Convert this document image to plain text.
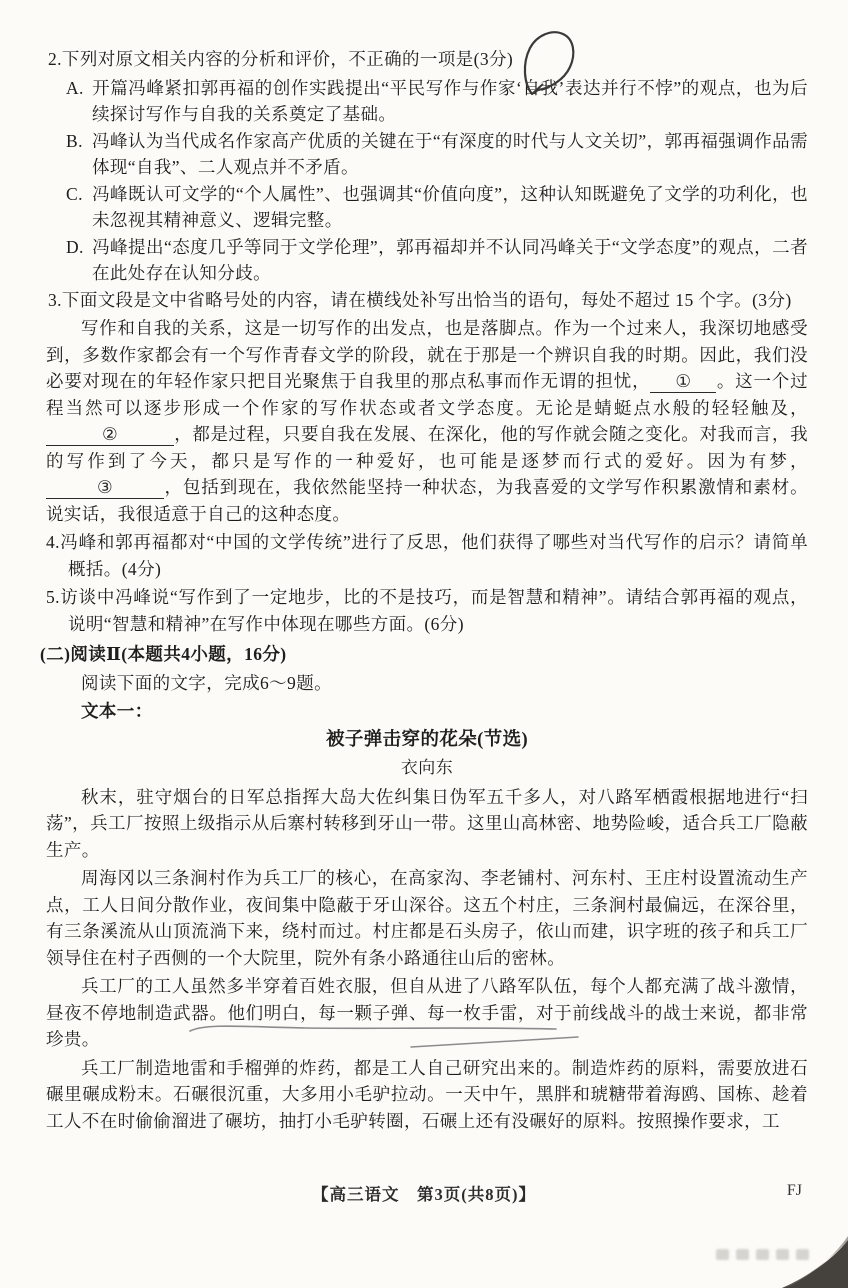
2.下列对原文相关内容的分析和评价，不正确的一项是(3分)

A. 开篇冯峰紧扣郭再福的创作实践提出“平民写作与作家‘自我’表达并行不悖”的观点，也为后续探讨写作与自我的关系奠定了基础。
B. 冯峰认为当代成名作家高产优质的关键在于“有深度的时代与人文关切”，郭再福强调作品需体现“自我”、二人观点并不矛盾。
C. 冯峰既认可文学的“个人属性”、也强调其“价值向度”，这种认知既避免了文学的功利化，也未忽视其精神意义、逻辑完整。
D. 冯峰提出“态度几乎等同于文学伦理”，郭再福却并不认同冯峰关于“文学态度”的观点，二者在此处存在认知分歧。

3.下面文段是文中省略号处的内容，请在横线处补写出恰当的语句，每处不超过 15 个字。(3分)

写作和自我的关系，这是一切写作的出发点，也是落脚点。作为一个过来人，我深切地感受到，多数作家都会有一个写作青春文学的阶段，就在于那是一个辨识自我的时期。因此，我们没必要对现在的年轻作家只把目光聚焦于自我里的那点私事而作无谓的担忧， ① 。这一个过程当然可以逐步形成一个作家的写作状态或者文学态度。无论是蜻蜓点水般的轻轻触及，②	，都是过程，只要自我在发展、在深化，他的写作就会随之变化。对我而言，我的写作到了今天，都只是写作的一种爱好，也可能是逐梦而行式的爱好。因为有梦，③	，包括到现在，我依然能坚持一种状态，为我喜爱的文学写作积累激情和素材。说实话，我很适意于自己的这种态度。

4.冯峰和郭再福都对“中国的文学传统”进行了反思，他们获得了哪些对当代写作的启示？请简单概括。(4分)

5.访谈中冯峰说“写作到了一定地步，比的不是技巧，而是智慧和精神”。请结合郭再福的观点，说明“智慧和精神”在写作中体现在哪些方面。(6分)

(二)阅读Ⅱ(本题共4小题，16分)

阅读下面的文字，完成6～9题。

文本一：

被子弹击穿的花朵(节选)

衣向东

秋末，驻守烟台的日军总指挥大岛大佐纠集日伪军五千多人，对八路军栖霞根据地进行“扫荡”，兵工厂按照上级指示从后寨村转移到牙山一带。这里山高林密、地势险峻，适合兵工厂隐蔽生产。

周海冈以三条涧村作为兵工厂的核心，在高家沟、李老铺村、河东村、王庄村设置流动生产点，工人日间分散作业，夜间集中隐蔽于牙山深谷。这五个村庄，三条涧村最偏远，在深谷里，有三条溪流从山顶流淌下来，绕村而过。村庄都是石头房子，依山而建，识字班的孩子和兵工厂领导住在村子西侧的一个大院里，院外有条小路通往山后的密林。

兵工厂的工人虽然多半穿着百姓衣服，但自从进了八路军队伍，每个人都充满了战斗激情，昼夜不停地制造武器。他们明白，每一颗子弹、每一枚手雷，对于前线战斗的战士来说，都非常珍贵。

兵工厂制造地雷和手榴弹的炸药，都是工人自己研究出来的。制造炸药的原料，需要放进石碾里碾成粉末。石碾很沉重，大多用小毛驴拉动。一天中午，黑胖和琥糖带着海鸥、国栋、趁着工人不在时偷偷溜进了碾坊，抽打小毛驴转圈，石碾上还有没碾好的原料。按照操作要求，工

【高三语文　第3页(共8页)】	FJ
